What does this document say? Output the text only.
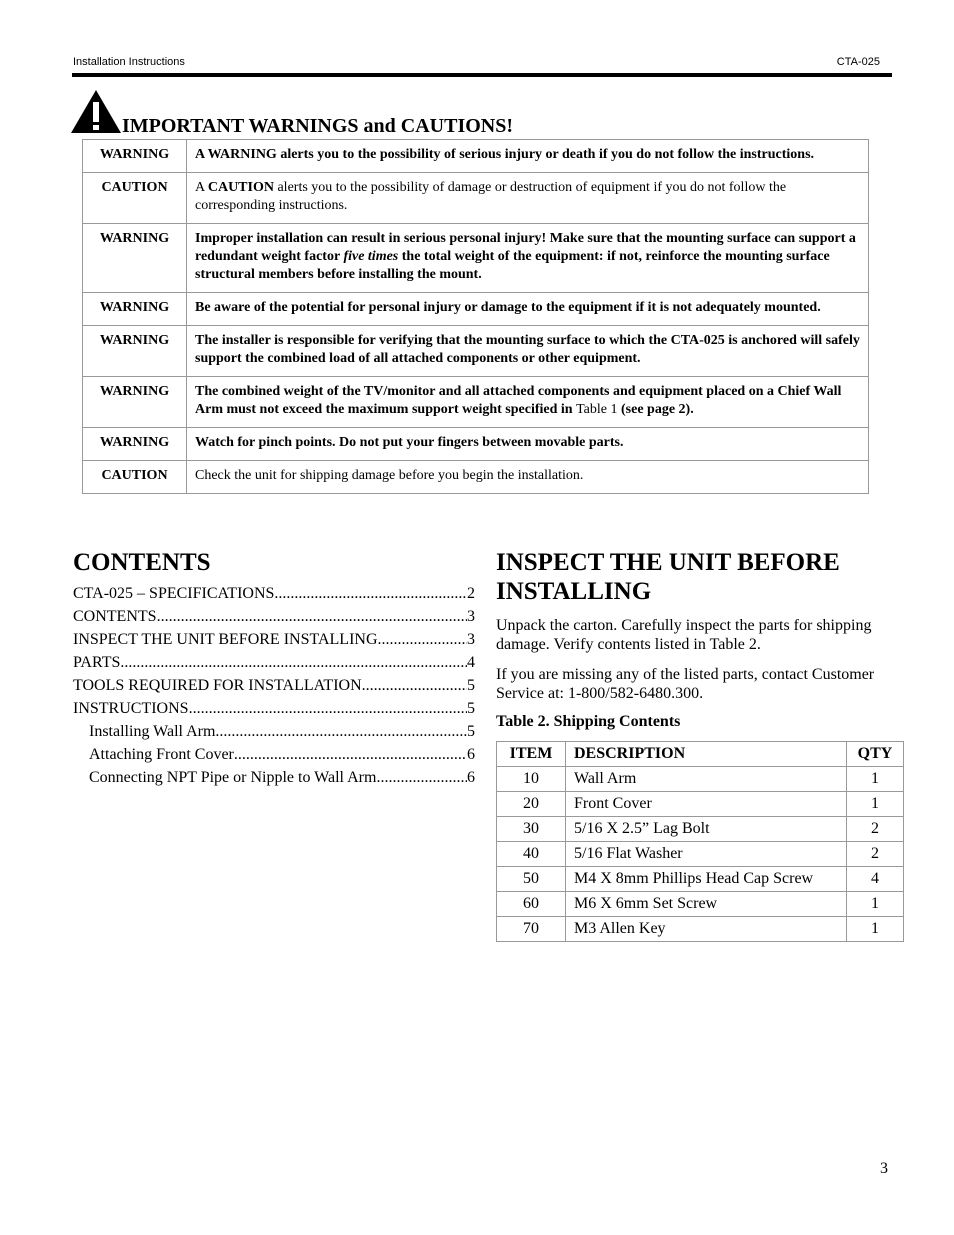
Installation Instructions	CTA-025
IMPORTANT WARNINGS and CAUTIONS!
WARNING	A WARNING alerts you to the possibility of serious injury or death if you do not follow the instructions.
CAUTION	A CAUTION alerts you to the possibility of damage or destruction of equipment if you do not follow the corresponding instructions.
WARNING	Improper installation can result in serious personal injury! Make sure that the mounting surface can support a redundant weight factor five times the total weight of the equipment: if not, reinforce the mounting surface structural members before installing the mount.
WARNING	Be aware of the potential for personal injury or damage to the equipment if it is not adequately mounted.
WARNING	The installer is responsible for verifying that the mounting surface to which the CTA-025 is anchored will safely support the combined load of all attached components or other equipment.
WARNING	The combined weight of the TV/monitor and all attached components and equipment placed on a Chief Wall Arm must not exceed the maximum support weight specified in Table 1 (see page 2).
WARNING	Watch for pinch points. Do not put your fingers between movable parts.
CAUTION	Check the unit for shipping damage before you begin the installation.
CONTENTS
CTA-025 – SPECIFICATIONS .....	2
CONTENTS .....	3
INSPECT THE UNIT BEFORE INSTALLING .....	3
PARTS .....	4
TOOLS REQUIRED FOR INSTALLATION .....	5
INSTRUCTIONS .....	5
Installing Wall Arm .....	5
Attaching Front Cover .....	6
Connecting NPT Pipe or Nipple to Wall Arm. .....	6
INSPECT THE UNIT BEFORE INSTALLING

Unpack the carton. Carefully inspect the parts for shipping damage. Verify contents listed in Table 2.

If you are missing any of the listed parts, contact Customer Service at: 1-800/582-6480.300.

Table 2. Shipping Contents
ITEM	DESCRIPTION	QTY
10	Wall Arm	1
20	Front Cover	1
30	5/16 X 2.5” Lag Bolt	2
40	5/16 Flat Washer	2
50	M4 X 8mm Phillips Head Cap Screw	4
60	M6 X 6mm Set Screw	1
70	M3 Allen Key	1
3
